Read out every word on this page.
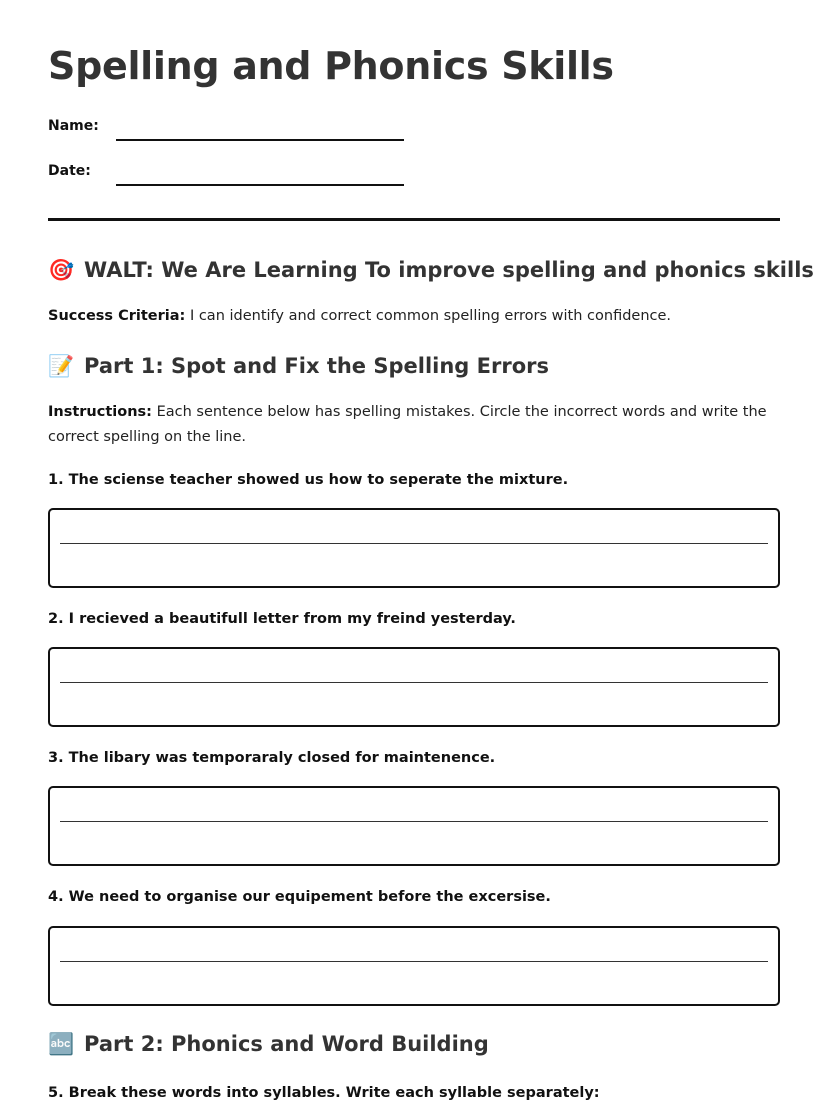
Spelling and Phonics Skills
Name:
Date:
🎯 WALT: We Are Learning To improve spelling and phonics skills

Success Criteria: I can identify and correct common spelling errors with confidence.

📝 Part 1: Spot and Fix the Spelling Errors

Instructions: Each sentence below has spelling mistakes. Circle the incorrect words and write the correct spelling on the line.

1. The sciense teacher showed us how to seperate the mixture.

2. I recieved a beautifull letter from my freind yesterday.

3. The libary was temporaraly closed for maintenence.

4. We need to organise our equipement before the excersise.

🔤 Part 2: Phonics and Word Building

5. Break these words into syllables. Write each syllable separately:
